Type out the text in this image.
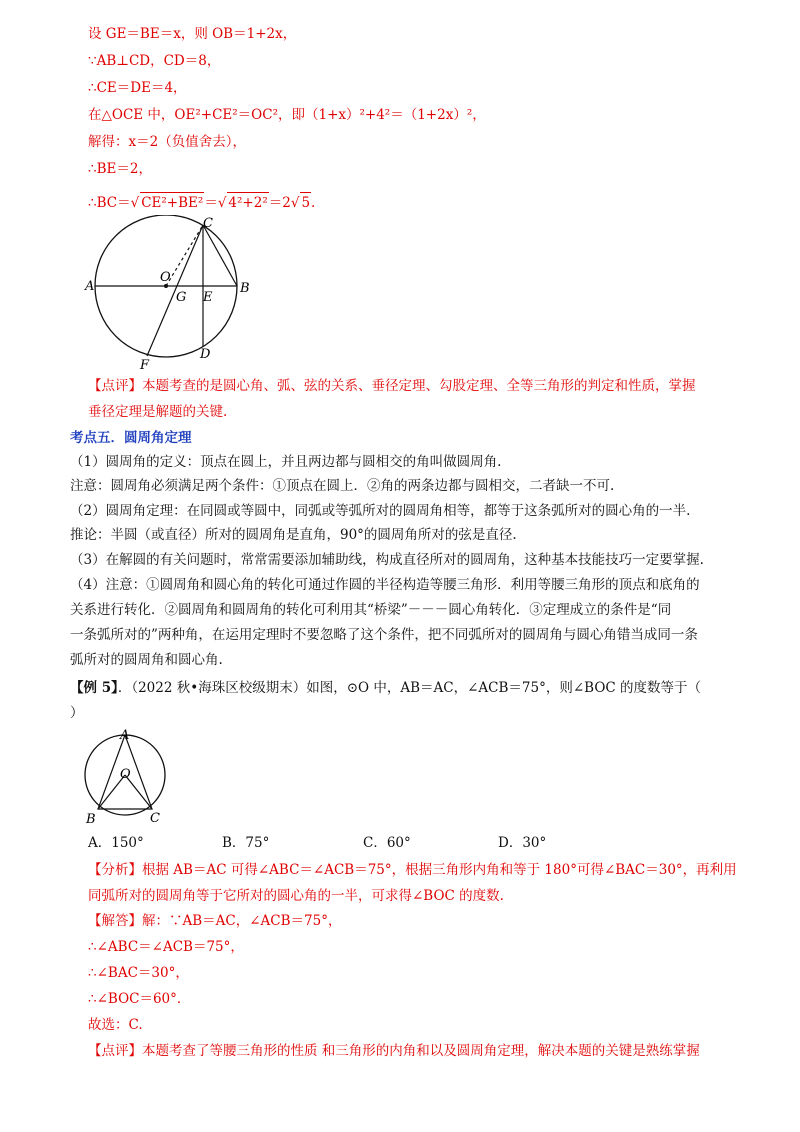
设 GE＝BE＝x，则 OB＝1+2x，
∵AB⊥CD，CD＝8，
∴CE＝DE＝4，
在△OCE 中，OE²+CE²＝OC²，即（1+x）²+4²＝（1+2x）²，
解得：x＝2（负值舍去），
∴BE＝2，
∴BC＝√ CE²+BE²＝√ 4²+2²＝2√ 5.
A	B
C
D
E
F
G
O
【点评】本题考查的是圆心角、弧、弦的关系、垂径定理、勾股定理、全等三角形的判定和性质，掌握
垂径定理是解题的关键.
考点五．圆周角定理
（1）圆周角的定义：顶点在圆上，并且两边都与圆相交的角叫做圆周角.
注意：圆周角必须满足两个条件：①顶点在圆上．②角的两条边都与圆相交，二者缺一不可.
（2）圆周角定理：在同圆或等圆中，同弧或等弧所对的圆周角相等，都等于这条弧所对的圆心角的一半.
推论：半圆（或直径）所对的圆周角是直角，90°的圆周角所对的弦是直径.
（3）在解圆的有关问题时，常常需要添加辅助线，构成直径所对的圆周角，这种基本技能技巧一定要掌握.
（4）注意：①圆周角和圆心角的转化可通过作圆的半径构造等腰三角形．利用等腰三角形的顶点和底角的
关系进行转化．②圆周角和圆周角的转化可利用其“桥梁”－－－圆心角转化．③定理成立的条件是“同
一条弧所对的”两种角，在运用定理时不要忽略了这个条件，把不同弧所对的圆周角与圆心角错当成同一条
弧所对的圆周角和圆心角.
【例 5】．（2022 秋•海珠区校级期末）如图，⊙O 中，AB＝AC，∠ACB＝75°，则∠BOC 的度数等于（
）
A
O
B	C
A．150°	B．75°	C．60°	D．30°
【分析】根据 AB＝AC 可得∠ABC＝∠ACB＝75°，根据三角形内角和等于 180°可得∠BAC＝30°，再利用
同弧所对的圆周角等于它所对的圆心角的一半，可求得∠BOC 的度数.
【解答】解：∵AB＝AC，∠ACB＝75°，
∴∠ABC＝∠ACB＝75°，
∴∠BAC＝30°，
∴∠BOC＝60°．
故选：C.
【点评】本题考查了等腰三角形的性质 和三角形的内角和以及圆周角定理，解决本题的关键是熟练掌握
